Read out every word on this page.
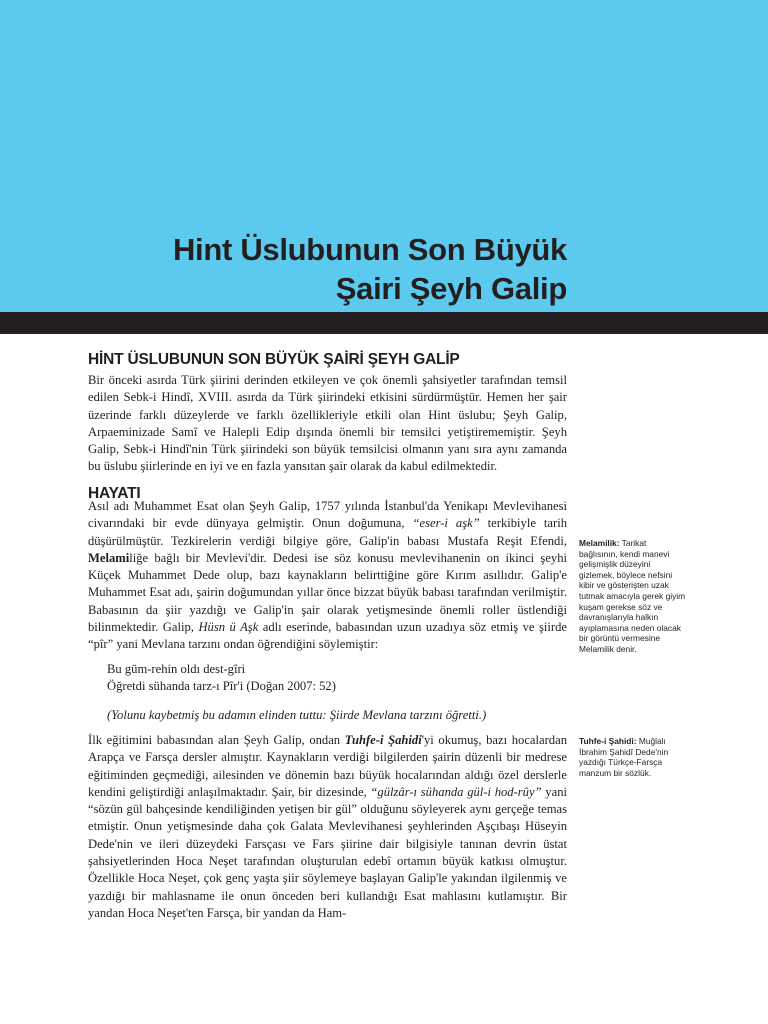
Hint Üslubunun Son Büyük
Şairi Şeyh Galip
HİNT ÜSLUBUNUN SON BÜYÜK ŞAİRİ ŞEYH GALİP

Bir önceki asırda Türk şiirini derinden etkileyen ve çok önemli şahsiyetler tarafından temsil edilen Sebk-i Hindî, XVIII. asırda da Türk şiirindeki etkisini sürdürmüştür. Hemen her şair üzerinde farklı düzeylerde ve farklı özellikleriyle etkili olan Hint üslubu; Şeyh Galip, Arpaeminizade Samî ve Halepli Edip dışında önemli bir temsilci yetiştirememiştir. Şeyh Galip, Sebk-i Hindî'nin Türk şiirindeki son büyük temsilcisi olmanın yanı sıra aynı zamanda bu üslubu şiirlerinde en iyi ve en fazla yansıtan şair olarak da kabul edilmektedir.

HAYATI

Asıl adı Muhammet Esat olan Şeyh Galip, 1757 yılında İstanbul'da Yenikapı Mevlevihanesi civarındaki bir evde dünyaya gelmiştir. Onun doğumuna, “eser-i aşk” terkibiyle tarih düşürülmüştür. Tezkirelerin verdiği bilgiye göre, Galip'in babası Mustafa Reşit Efendi, Melamiliğe bağlı bir Mevlevi'dir. Dedesi ise söz konusu mevlevihanenin on ikinci şeyhi Küçek Muhammet Dede olup, bazı kaynakların belirttiğine göre Kırım asıllıdır. Galip'e Muhammet Esat adı, şairin doğumundan yıllar önce bizzat büyük babası tarafından verilmiştir. Babasının da şiir yazdığı ve Galip'in şair olarak yetişmesinde önemli roller üstlendiği bilinmektedir. Galip, Hüsn ü Aşk adlı eserinde, babasından uzun uzadıya söz etmiş ve şiirde “pîr” yani Mevlana tarzını ondan öğrendiğini söylemiştir:

Bu güm-rehin oldı dest-gîri
Öğretdi sühanda tarz-ı Pîr'i (Doğan 2007: 52)
(Yolunu kaybetmiş bu adamın elinden tuttu: Şiirde Mevlana tarzını öğretti.)

İlk eğitimini babasından alan Şeyh Galip, ondan Tuhfe-i Şahidi'yi okumuş, bazı hocalardan Arapça ve Farsça dersler almıştır. Kaynakların verdiği bilgilerden şairin düzenli bir medrese eğitiminden geçmediği, ailesinden ve dönemin bazı büyük hocalarından aldığı özel derslerle kendini geliştirdiği anlaşılmaktadır. Şair, bir dizesinde, “gülzâr-ı sühanda gül-i hod-rûy” yani “sözün gül bahçesinde kendiliğinden yetişen bir gül” olduğunu söyleyerek aynı gerçeğe temas etmiştir. Onun yetişmesinde daha çok Galata Mevlevihanesi şeyhlerinden Aşçıbaşı Hüseyin Dede'nin ve ileri düzeydeki Farsçası ve Fars şiirine dair bilgisiyle tanınan devrin üstat şahsiyetlerinden Hoca Neşet tarafından oluşturulan edebî ortamın büyük katkısı olmuştur. Özellikle Hoca Neşet, çok genç yaşta şiir söylemeye başlayan Galip'le yakından ilgilenmiş ve yazdığı bir mahlasname ile onun önceden beri kullandığı Esat mahlasını kutlamıştır. Bir yandan Hoca Neşet'ten Farsça, bir yandan da Ham-

Melamilik: Tarikat bağlısının, kendi manevi gelişmişlik düzeyini gizlemek, böylece nefsini kibir ve gösterişten uzak tutmak amacıyla gerek giyim kuşam gerekse söz ve davranışlarıyla halkın ayıplamasına neden olacak bir görüntü vermesine Melamilik denir.
Tuhfe-i Şahidi: Muğlalı İbrahim Şahidî Dede'nin yazdığı Türkçe-Farsça manzum bir sözlük.
